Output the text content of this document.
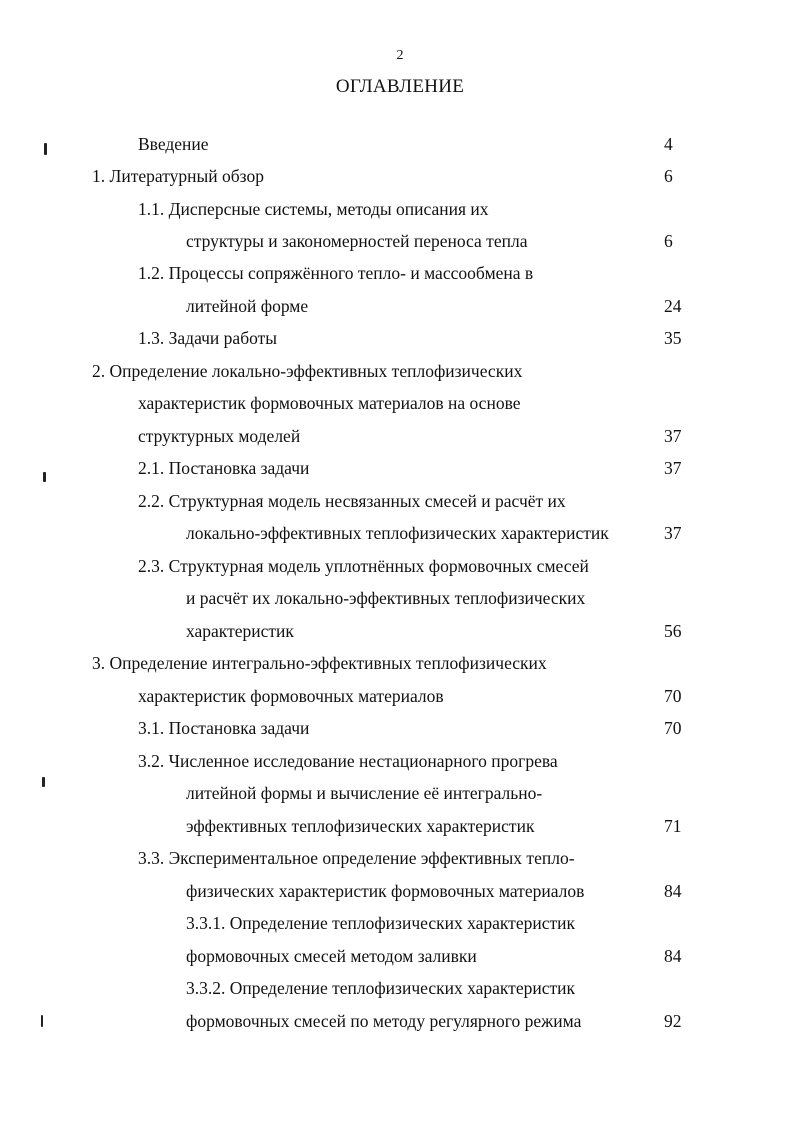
2
ОГЛАВЛЕНИЕ
Введение	4
1. Литературный обзор	6
1.1. Дисперсные системы, методы описания их
структуры и закономерностей переноса тепла	6
1.2. Процессы сопряжённого тепло- и массообмена в
литейной форме	24
1.3. Задачи работы	35
2. Определение локально-эффективных теплофизических
характеристик формовочных материалов на основе
структурных моделей	37
2.1. Постановка задачи	37
2.2. Структурная модель несвязанных смесей и расчёт их
локально-эффективных теплофизических характеристик	37
2.3. Структурная модель уплотнённых формовочных смесей
и расчёт их локально-эффективных теплофизических
характеристик	56
3. Определение интегрально-эффективных теплофизических
характеристик формовочных материалов	70
3.1. Постановка задачи	70
3.2. Численное исследование нестационарного прогрева
литейной формы и вычисление её интегрально-
эффективных теплофизических характеристик	71
3.3. Экспериментальное определение эффективных тепло-
физических характеристик формовочных материалов	84
3.3.1. Определение теплофизических характеристик
формовочных смесей методом заливки	84
3.3.2. Определение теплофизических характеристик
формовочных смесей по методу регулярного режима	92
